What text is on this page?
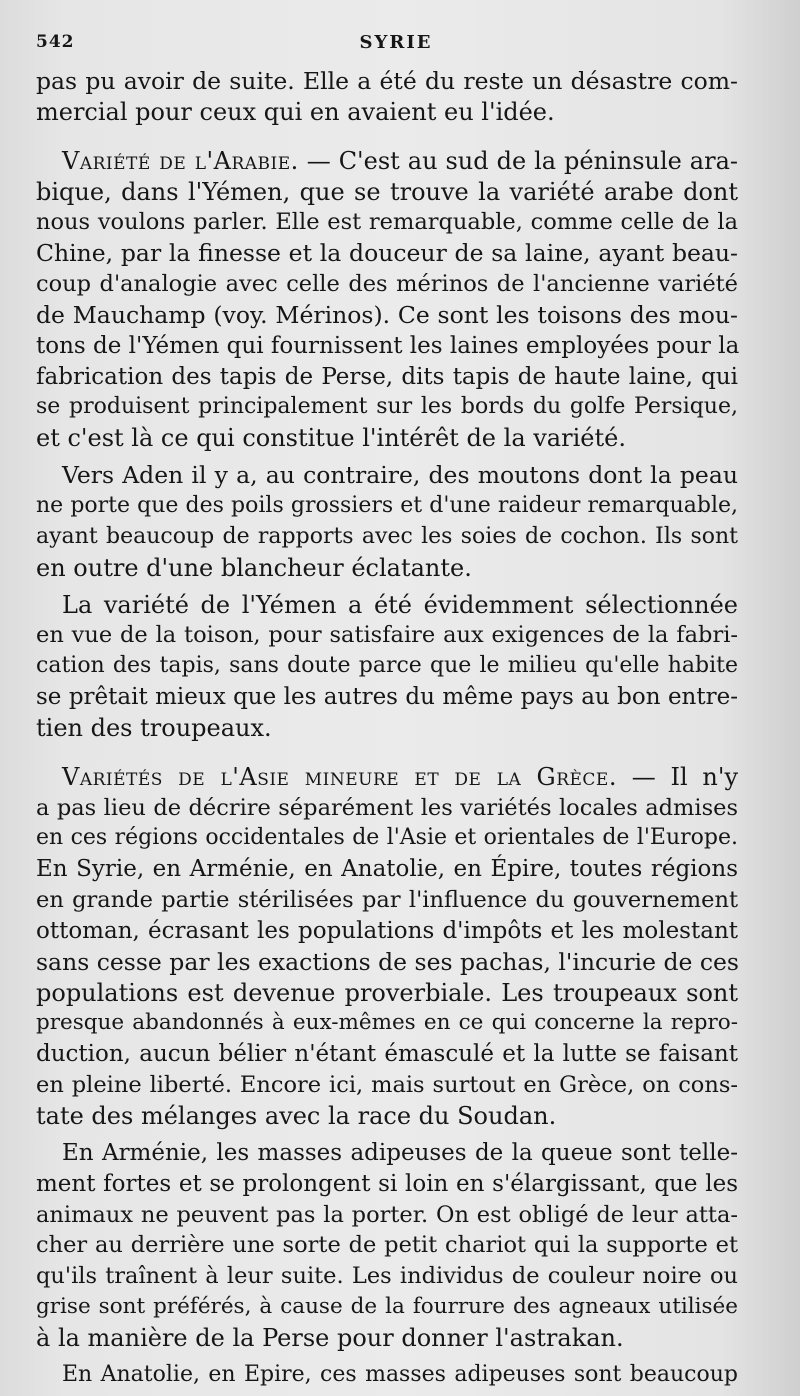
542	SYRIE

pas pu avoir de suite. Elle a été du reste un désastre com-
mercial pour ceux qui en avaient eu l'idée.

Variété de l'Arabie. — C'est au sud de la péninsule ara-
bique, dans l'Yémen, que se trouve la variété arabe dont
nous voulons parler. Elle est remarquable, comme celle de la
Chine, par la finesse et la douceur de sa laine, ayant beau-
coup d'analogie avec celle des mérinos de l'ancienne variété
de Mauchamp (voy. Mérinos). Ce sont les toisons des mou-
tons de l'Yémen qui fournissent les laines employées pour la
fabrication des tapis de Perse, dits tapis de haute laine, qui
se produisent principalement sur les bords du golfe Persique,
et c'est là ce qui constitue l'intérêt de la variété.

Vers Aden il y a, au contraire, des moutons dont la peau
ne porte que des poils grossiers et d'une raideur remarquable,
ayant beaucoup de rapports avec les soies de cochon. Ils sont
en outre d'une blancheur éclatante.

La variété de l'Yémen a été évidemment sélectionnée
en vue de la toison, pour satisfaire aux exigences de la fabri-
cation des tapis, sans doute parce que le milieu qu'elle habite
se prêtait mieux que les autres du même pays au bon entre-
tien des troupeaux.

Variétés de l'Asie mineure et de la Grèce. — Il n'y
a pas lieu de décrire séparément les variétés locales admises
en ces régions occidentales de l'Asie et orientales de l'Europe.
En Syrie, en Arménie, en Anatolie, en Épire, toutes régions
en grande partie stérilisées par l'influence du gouvernement
ottoman, écrasant les populations d'impôts et les molestant
sans cesse par les exactions de ses pachas, l'incurie de ces
populations est devenue proverbiale. Les troupeaux sont
presque abandonnés à eux-mêmes en ce qui concerne la repro-
duction, aucun bélier n'étant émasculé et la lutte se faisant
en pleine liberté. Encore ici, mais surtout en Grèce, on cons-
tate des mélanges avec la race du Soudan.

En Arménie, les masses adipeuses de la queue sont telle-
ment fortes et se prolongent si loin en s'élargissant, que les
animaux ne peuvent pas la porter. On est obligé de leur atta-
cher au derrière une sorte de petit chariot qui la supporte et
qu'ils traînent à leur suite. Les individus de couleur noire ou
grise sont préférés, à cause de la fourrure des agneaux utilisée
à la manière de la Perse pour donner l'astrakan.

En Anatolie, en Epire, ces masses adipeuses sont beaucoup
